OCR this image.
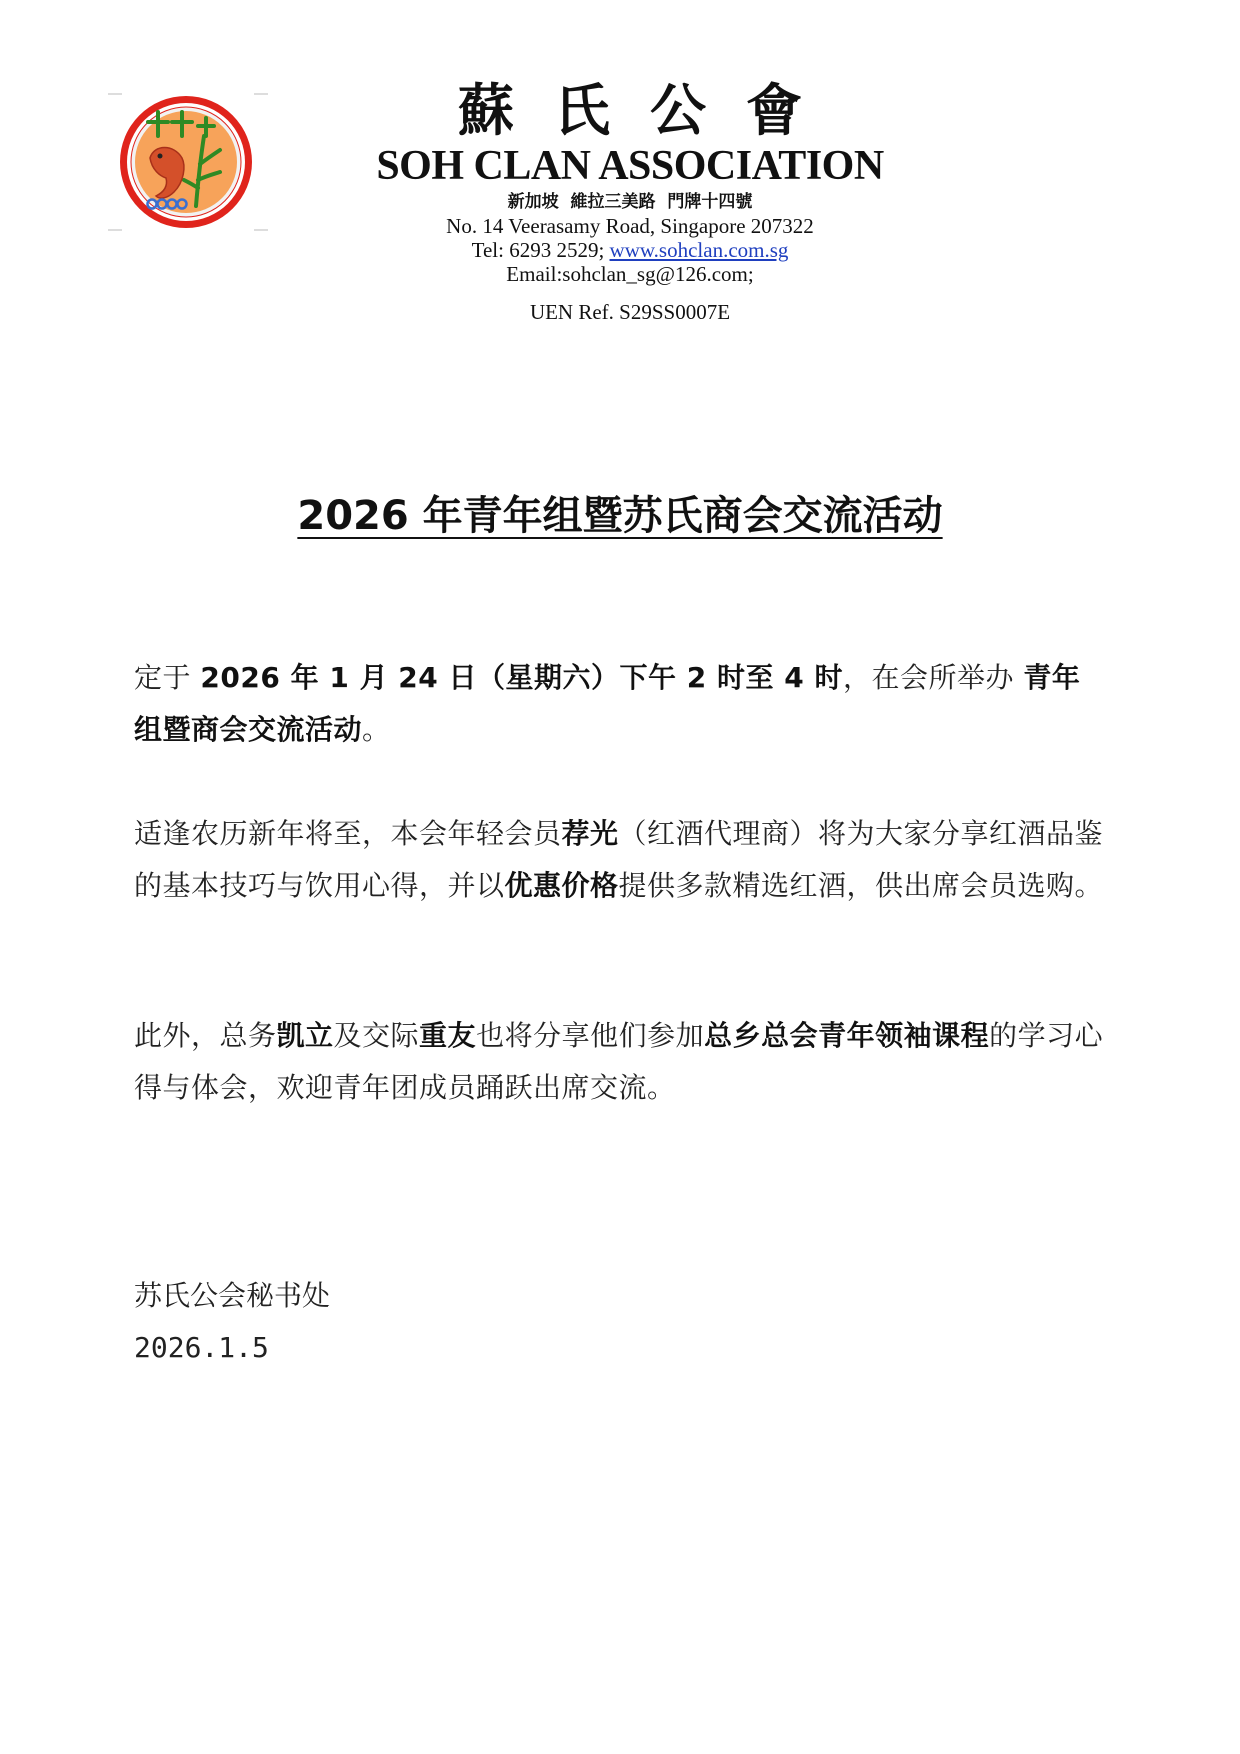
蘇氏公會
SOH CLAN ASSOCIATION
新加坡  維拉三美路  門牌十四號
No. 14 Veerasamy Road, Singapore 207322
Tel: 6293 2529; www.sohclan.com.sg
Email:sohclan_sg@126.com;
UEN Ref. S29SS0007E
2026 年青年组暨苏氏商会交流活动
定于 2026 年 1 月 24 日（星期六）下午 2 时至 4 时，在会所举办 青年组暨商会交流活动。
适逢农历新年将至，本会年轻会员荐光（红酒代理商）将为大家分享红酒品鉴的基本技巧与饮用心得，并以优惠价格提供多款精选红酒，供出席会员选购。
此外，总务凯立及交际重友也将分享他们参加总乡总会青年领袖课程的学习心得与体会，欢迎青年团成员踊跃出席交流。
苏氏公会秘书处
2026.1.5
